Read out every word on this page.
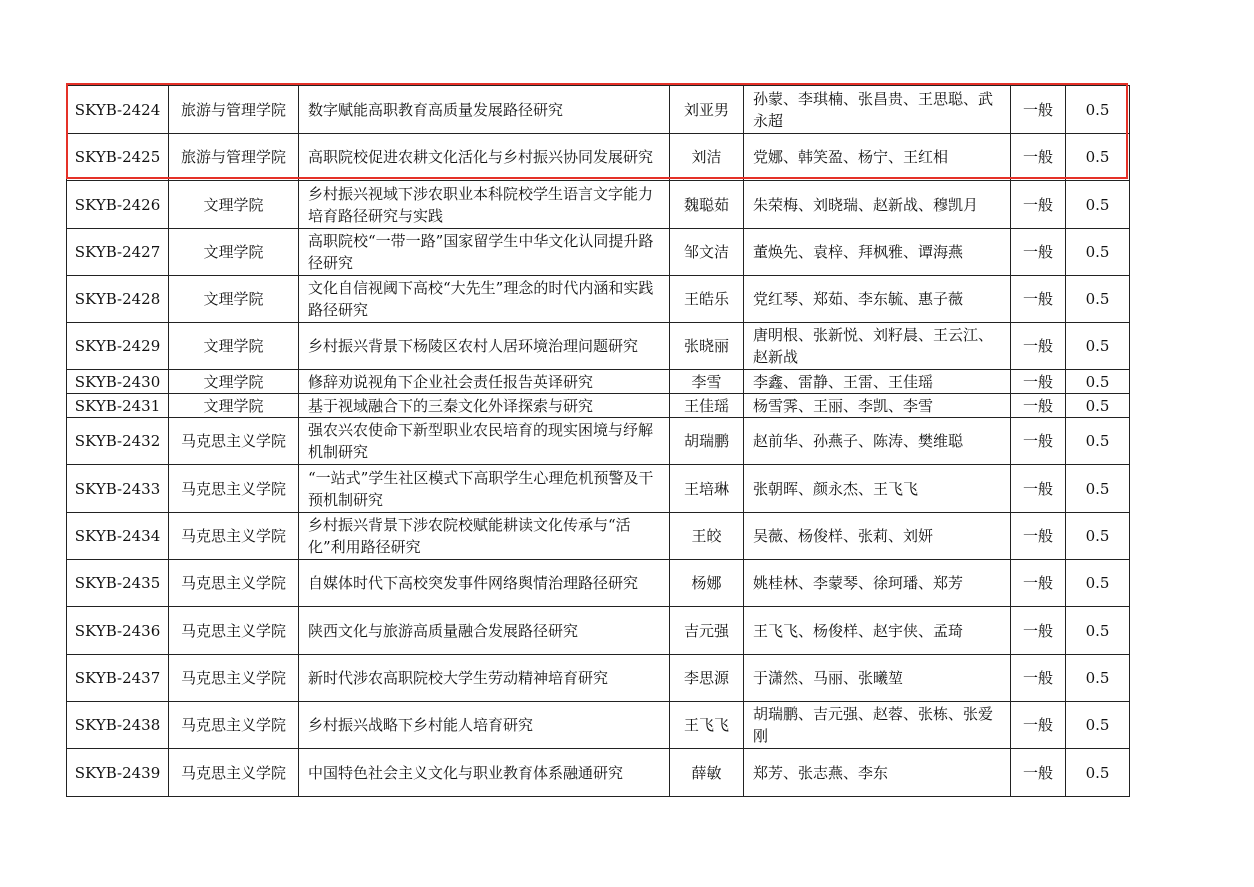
SKYB-2424	旅游与管理学院	数字赋能高职教育高质量发展路径研究	刘亚男	孙蒙、李琪楠、张昌贵、王思聪、武永超	一般	0.5
SKYB-2425	旅游与管理学院	高职院校促进农耕文化活化与乡村振兴协同发展研究	刘洁	党娜、韩笑盈、杨宁、王红相	一般	0.5
SKYB-2426	文理学院	乡村振兴视域下涉农职业本科院校学生语言文字能力培育路径研究与实践	魏聪茹	朱荣梅、刘晓瑞、赵新战、穆凯月	一般	0.5
SKYB-2427	文理学院	高职院校“一带一路”国家留学生中华文化认同提升路径研究	邹文洁	董焕先、袁梓、拜枫雅、谭海燕	一般	0.5
SKYB-2428	文理学院	文化自信视阈下高校“大先生”理念的时代内涵和实践路径研究	王皓乐	党红琴、郑茹、李东毓、惠子薇	一般	0.5
SKYB-2429	文理学院	乡村振兴背景下杨陵区农村人居环境治理问题研究	张晓丽	唐明根、张新悦、刘籽晨、王云江、赵新战	一般	0.5
SKYB-2430	文理学院	修辞劝说视角下企业社会责任报告英译研究	李雪	李鑫、雷静、王雷、王佳瑶	一般	0.5
SKYB-2431	文理学院	基于视域融合下的三秦文化外译探索与研究	王佳瑶	杨雪霁、王丽、李凯、李雪	一般	0.5
SKYB-2432	马克思主义学院	强农兴农使命下新型职业农民培育的现实困境与纾解机制研究	胡瑞鹏	赵前华、孙燕子、陈涛、樊维聪	一般	0.5
SKYB-2433	马克思主义学院	“一站式”学生社区模式下高职学生心理危机预警及干预机制研究	王培琳	张朝晖、颜永杰、王飞飞	一般	0.5
SKYB-2434	马克思主义学院	乡村振兴背景下涉农院校赋能耕读文化传承与“活化”利用路径研究	王皎	吴薇、杨俊样、张莉、刘妍	一般	0.5
SKYB-2435	马克思主义学院	自媒体时代下高校突发事件网络舆情治理路径研究	杨娜	姚桂林、李蒙琴、徐珂璠、郑芳	一般	0.5
SKYB-2436	马克思主义学院	陕西文化与旅游高质量融合发展路径研究	吉元强	王飞飞、杨俊样、赵宇侠、孟琦	一般	0.5
SKYB-2437	马克思主义学院	新时代涉农高职院校大学生劳动精神培育研究	李思源	于潇然、马丽、张曦堃	一般	0.5
SKYB-2438	马克思主义学院	乡村振兴战略下乡村能人培育研究	王飞飞	胡瑞鹏、吉元强、赵蓉、张栋、张爱刚	一般	0.5
SKYB-2439	马克思主义学院	中国特色社会主义文化与职业教育体系融通研究	薛敏	郑芳、张志燕、李东	一般	0.5
